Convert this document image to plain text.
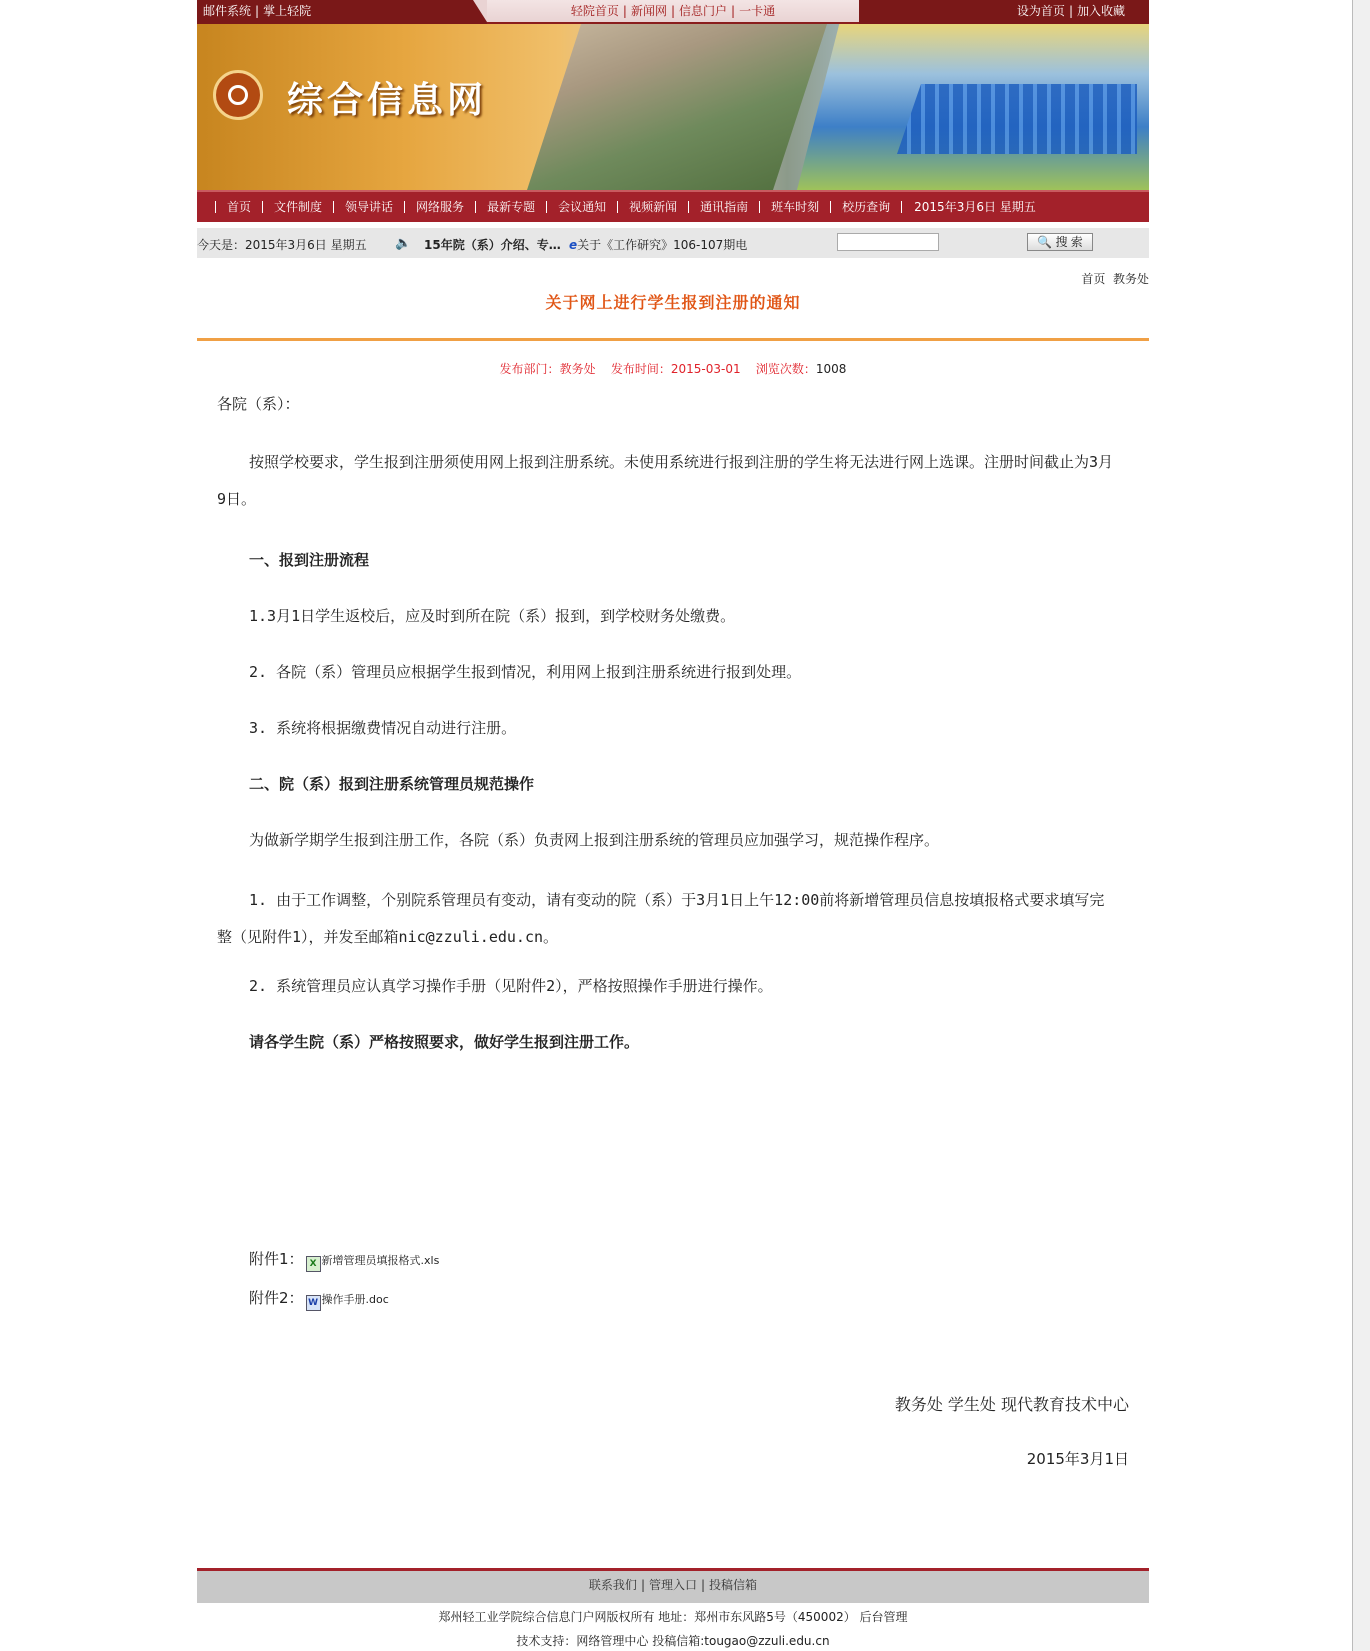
邮件系统 | 掌上轻院	轻院首页 | 新闻网 | 信息门户 | 一卡通	设为首页 | 加入收藏
综合信息网
首页	文件制度	领导讲话	网络服务	最新专题	会议通知	视频新闻	通讯指南	班车时刻	校历查询	2015年3月6日 星期五
今天是：2015年3月6日 星期五 🔈 15年院（系）介绍、专… e关于《工作研究》106-107期电	🔍 搜 索
首页 教务处
关于网上进行学生报到注册的通知
发布部门：教务处 发布时间：2015-03-01 浏览次数：1008

各院（系）：

按照学校要求，学生报到注册须使用网上报到注册系统。未使用系统进行报到注册的学生将无法进行网上选课。注册时间截止为3月9日。

一、报到注册流程

1.3月1日学生返校后，应及时到所在院（系）报到，到学校财务处缴费。

2. 各院（系）管理员应根据学生报到情况，利用网上报到注册系统进行报到处理。

3. 系统将根据缴费情况自动进行注册。

二、院（系）报到注册系统管理员规范操作

为做新学期学生报到注册工作，各院（系）负责网上报到注册系统的管理员应加强学习，规范操作程序。

1. 由于工作调整，个别院系管理员有变动，请有变动的院（系）于3月1日上午12:00前将新增管理员信息按填报格式要求填写完整（见附件1），并发至邮箱nic@zzuli.edu.cn。

2. 系统管理员应认真学习操作手册（见附件2），严格按照操作手册进行操作。

请各学生院（系）严格按照要求，做好学生报到注册工作。

附件1： X 新增管理员填报格式.xls
附件2： W 操作手册.doc
教务处 学生处 现代教育技术中心
2015年3月1日
联系我们 | 管理入口 | 投稿信箱
郑州轻工业学院综合信息门户网版权所有 地址：郑州市东风路5号（450002） 后台管理
技术支持：网络管理中心 投稿信箱:tougao@zzuli.edu.cn
